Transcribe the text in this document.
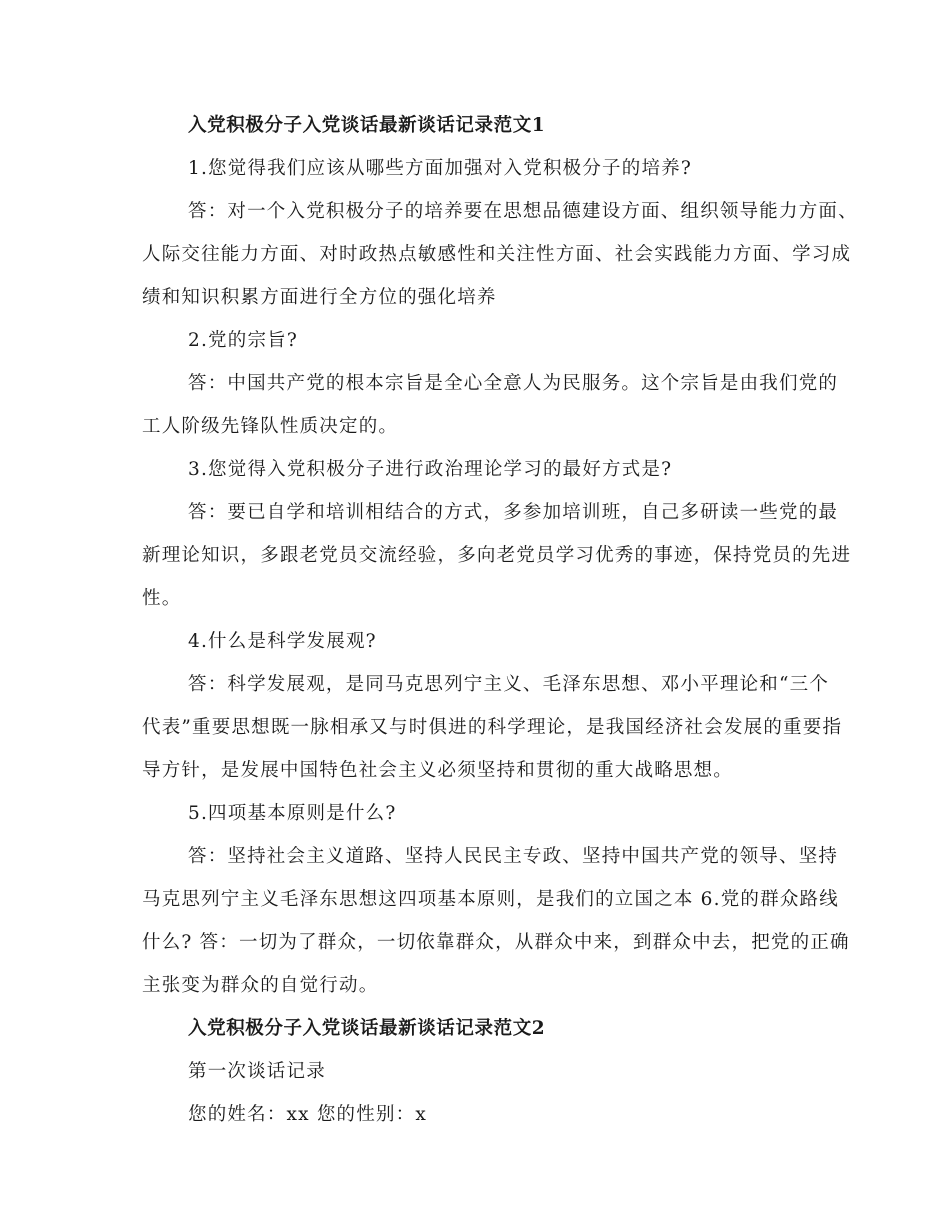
入党积极分子入党谈话最新谈话记录范文1

1.您觉得我们应该从哪些方面加强对入党积极分子的培养?

答：对一个入党积极分子的培养要在思想品德建设方面、组织领导能力方面、

人际交往能力方面、对时政热点敏感性和关注性方面、社会实践能力方面、学习成

绩和知识积累方面进行全方位的强化培养

2.党的宗旨?

答：中国共产党的根本宗旨是全心全意人为民服务。这个宗旨是由我们党的

工人阶级先锋队性质决定的。

3.您觉得入党积极分子进行政治理论学习的最好方式是?

答：要已自学和培训相结合的方式，多参加培训班，自己多研读一些党的最

新理论知识，多跟老党员交流经验，多向老党员学习优秀的事迹，保持党员的先进

性。

4.什么是科学发展观?

答：科学发展观，是同马克思列宁主义、毛泽东思想、邓小平理论和“三个

代表”重要思想既一脉相承又与时俱进的科学理论，是我国经济社会发展的重要指

导方针，是发展中国特色社会主义必须坚持和贯彻的重大战略思想。

5.四项基本原则是什么?

答：坚持社会主义道路、坚持人民民主专政、坚持中国共产党的领导、坚持

马克思列宁主义毛泽东思想这四项基本原则，是我们的立国之本 6.党的群众路线

什么? 答：一切为了群众，一切依靠群众，从群众中来，到群众中去，把党的正确

主张变为群众的自觉行动。

入党积极分子入党谈话最新谈话记录范文2

第一次谈话记录

您的姓名：xx 您的性别：x
